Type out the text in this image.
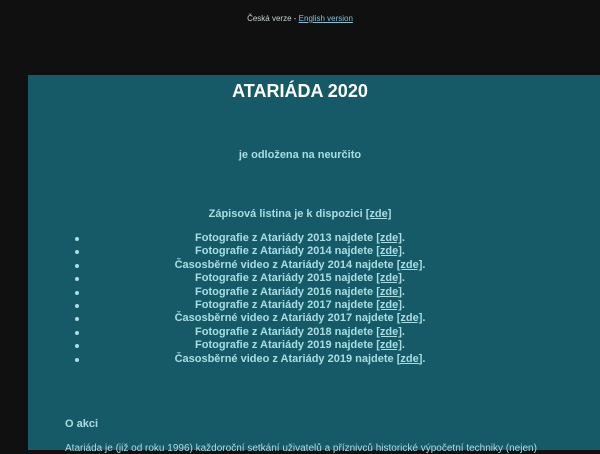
Česká verze - English version
ATARIÁDA 2020
je odložena na neurčito
Zápisová listina je k dispozici [zde]
Fotografie z Atariády 2013 najdete [zde].
Fotografie z Atariády 2014 najdete [zde].
Časosběrné video z Atariády 2014 najdete [zde].
Fotografie z Atariády 2015 najdete [zde].
Fotografie z Atariády 2016 najdete [zde].
Fotografie z Atariády 2017 najdete [zde].
Časosběrné video z Atariády 2017 najdete [zde].
Fotografie z Atariády 2018 najdete [zde].
Fotografie z Atariády 2019 najdete [zde].
Časosběrné video z Atariády 2019 najdete [zde].
O akci
Atariáda je (již od roku 1996) každoroční setkání uživatelů a příznivců historické výpočetní techniky (nejen)
